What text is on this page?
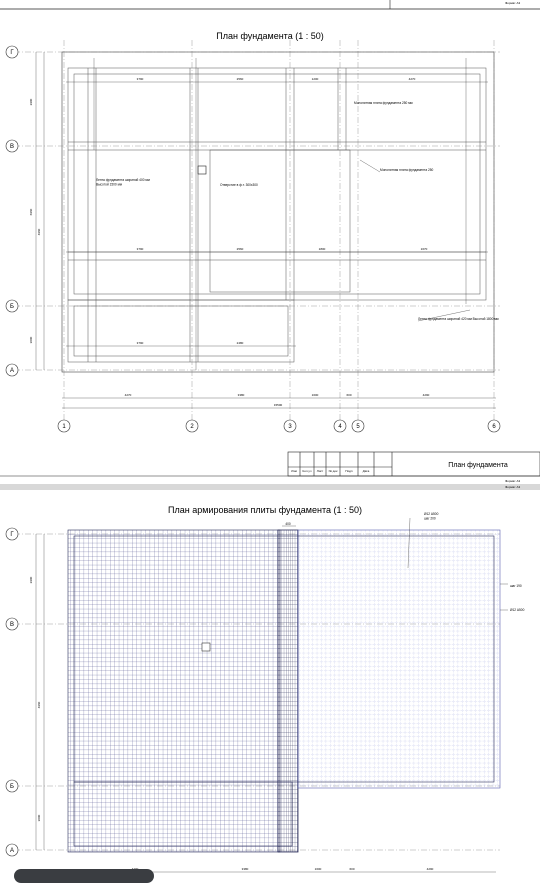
Формат А3
План фундамента (1 : 50)
3790	2560	1200	4270
3790	2560	1800	1670
3790	2480
Лента фундамента шириной 400 мм Высотой 1500 мм	Отверстие в ф.т. 300х300
Монолитная плита фундамента 250 мм
Монолитная плита фундамента 250
Лента фундамента шириной 420 мм Высотой 1800 мм
2900
6960
4960
3000
4270	3380	1600	600	4290
15500
Г
В
Б
А
1	2	3	4 5	6
Изм Кол.уч Лист № док	Подп	Дата
План фундамента
Формат А3
Формат А3
План армирования плиты фундамента (1 : 50)	Ø12 А500 шаг 200
400
шаг 190
Ø12 А500
2900
4960
3000
Г
В
Б
А
3380	1600	600	4290
